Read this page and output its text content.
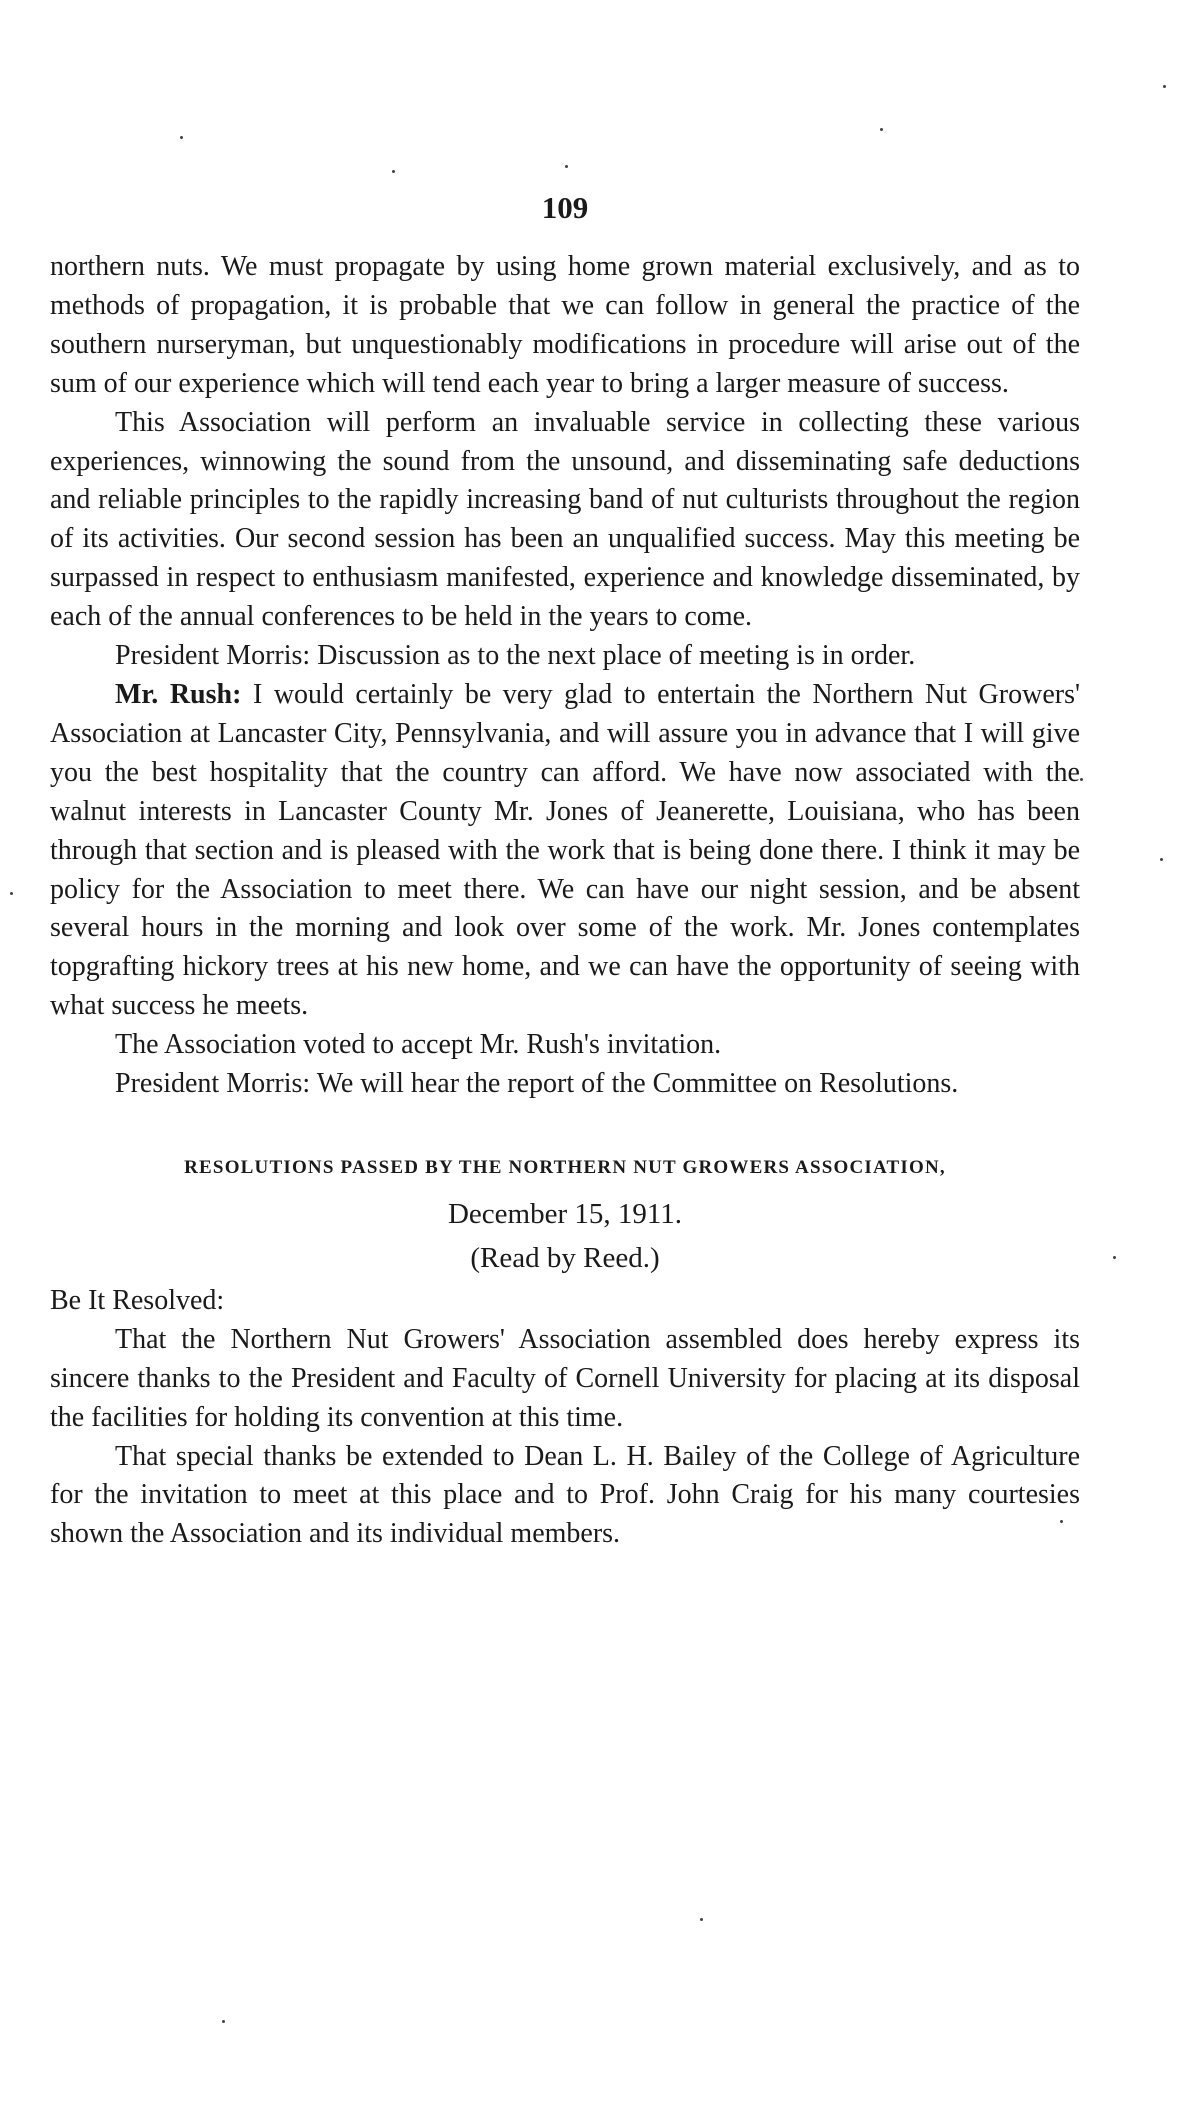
109

northern nuts. We must propagate by using home grown material exclusively, and as to methods of propagation, it is probable that we can follow in general the practice of the southern nurseryman, but unquestionably modifications in procedure will arise out of the sum of our experience which will tend each year to bring a larger measure of success.

This Association will perform an invaluable service in collecting these various experiences, winnowing the sound from the unsound, and disseminating safe deductions and reliable principles to the rapidly increasing band of nut culturists throughout the region of its activities. Our second session has been an unqualified success. May this meeting be surpassed in respect to enthusiasm manifested, experience and knowledge disseminated, by each of the annual conferences to be held in the years to come.

President Morris: Discussion as to the next place of meeting is in order.

Mr. Rush: I would certainly be very glad to entertain the Northern Nut Growers' Association at Lancaster City, Pennsylvania, and will assure you in advance that I will give you the best hospitality that the country can afford. We have now associated with the walnut interests in Lancaster County Mr. Jones of Jeanerette, Louisiana, who has been through that section and is pleased with the work that is being done there. I think it may be policy for the Association to meet there. We can have our night session, and be absent several hours in the morning and look over some of the work. Mr. Jones contemplates topgrafting hickory trees at his new home, and we can have the opportunity of seeing with what success he meets.

The Association voted to accept Mr. Rush's invitation.

President Morris: We will hear the report of the Committee on Resolutions.

RESOLUTIONS PASSED BY THE NORTHERN NUT GROWERS ASSOCIATION,
December 15, 1911.
(Read by Reed.)

Be It Resolved:

That the Northern Nut Growers' Association assembled does hereby express its sincere thanks to the President and Faculty of Cornell University for placing at its disposal the facilities for holding its convention at this time.

That special thanks be extended to Dean L. H. Bailey of the College of Agriculture for the invitation to meet at this place and to Prof. John Craig for his many courtesies shown the Association and its individual members.
